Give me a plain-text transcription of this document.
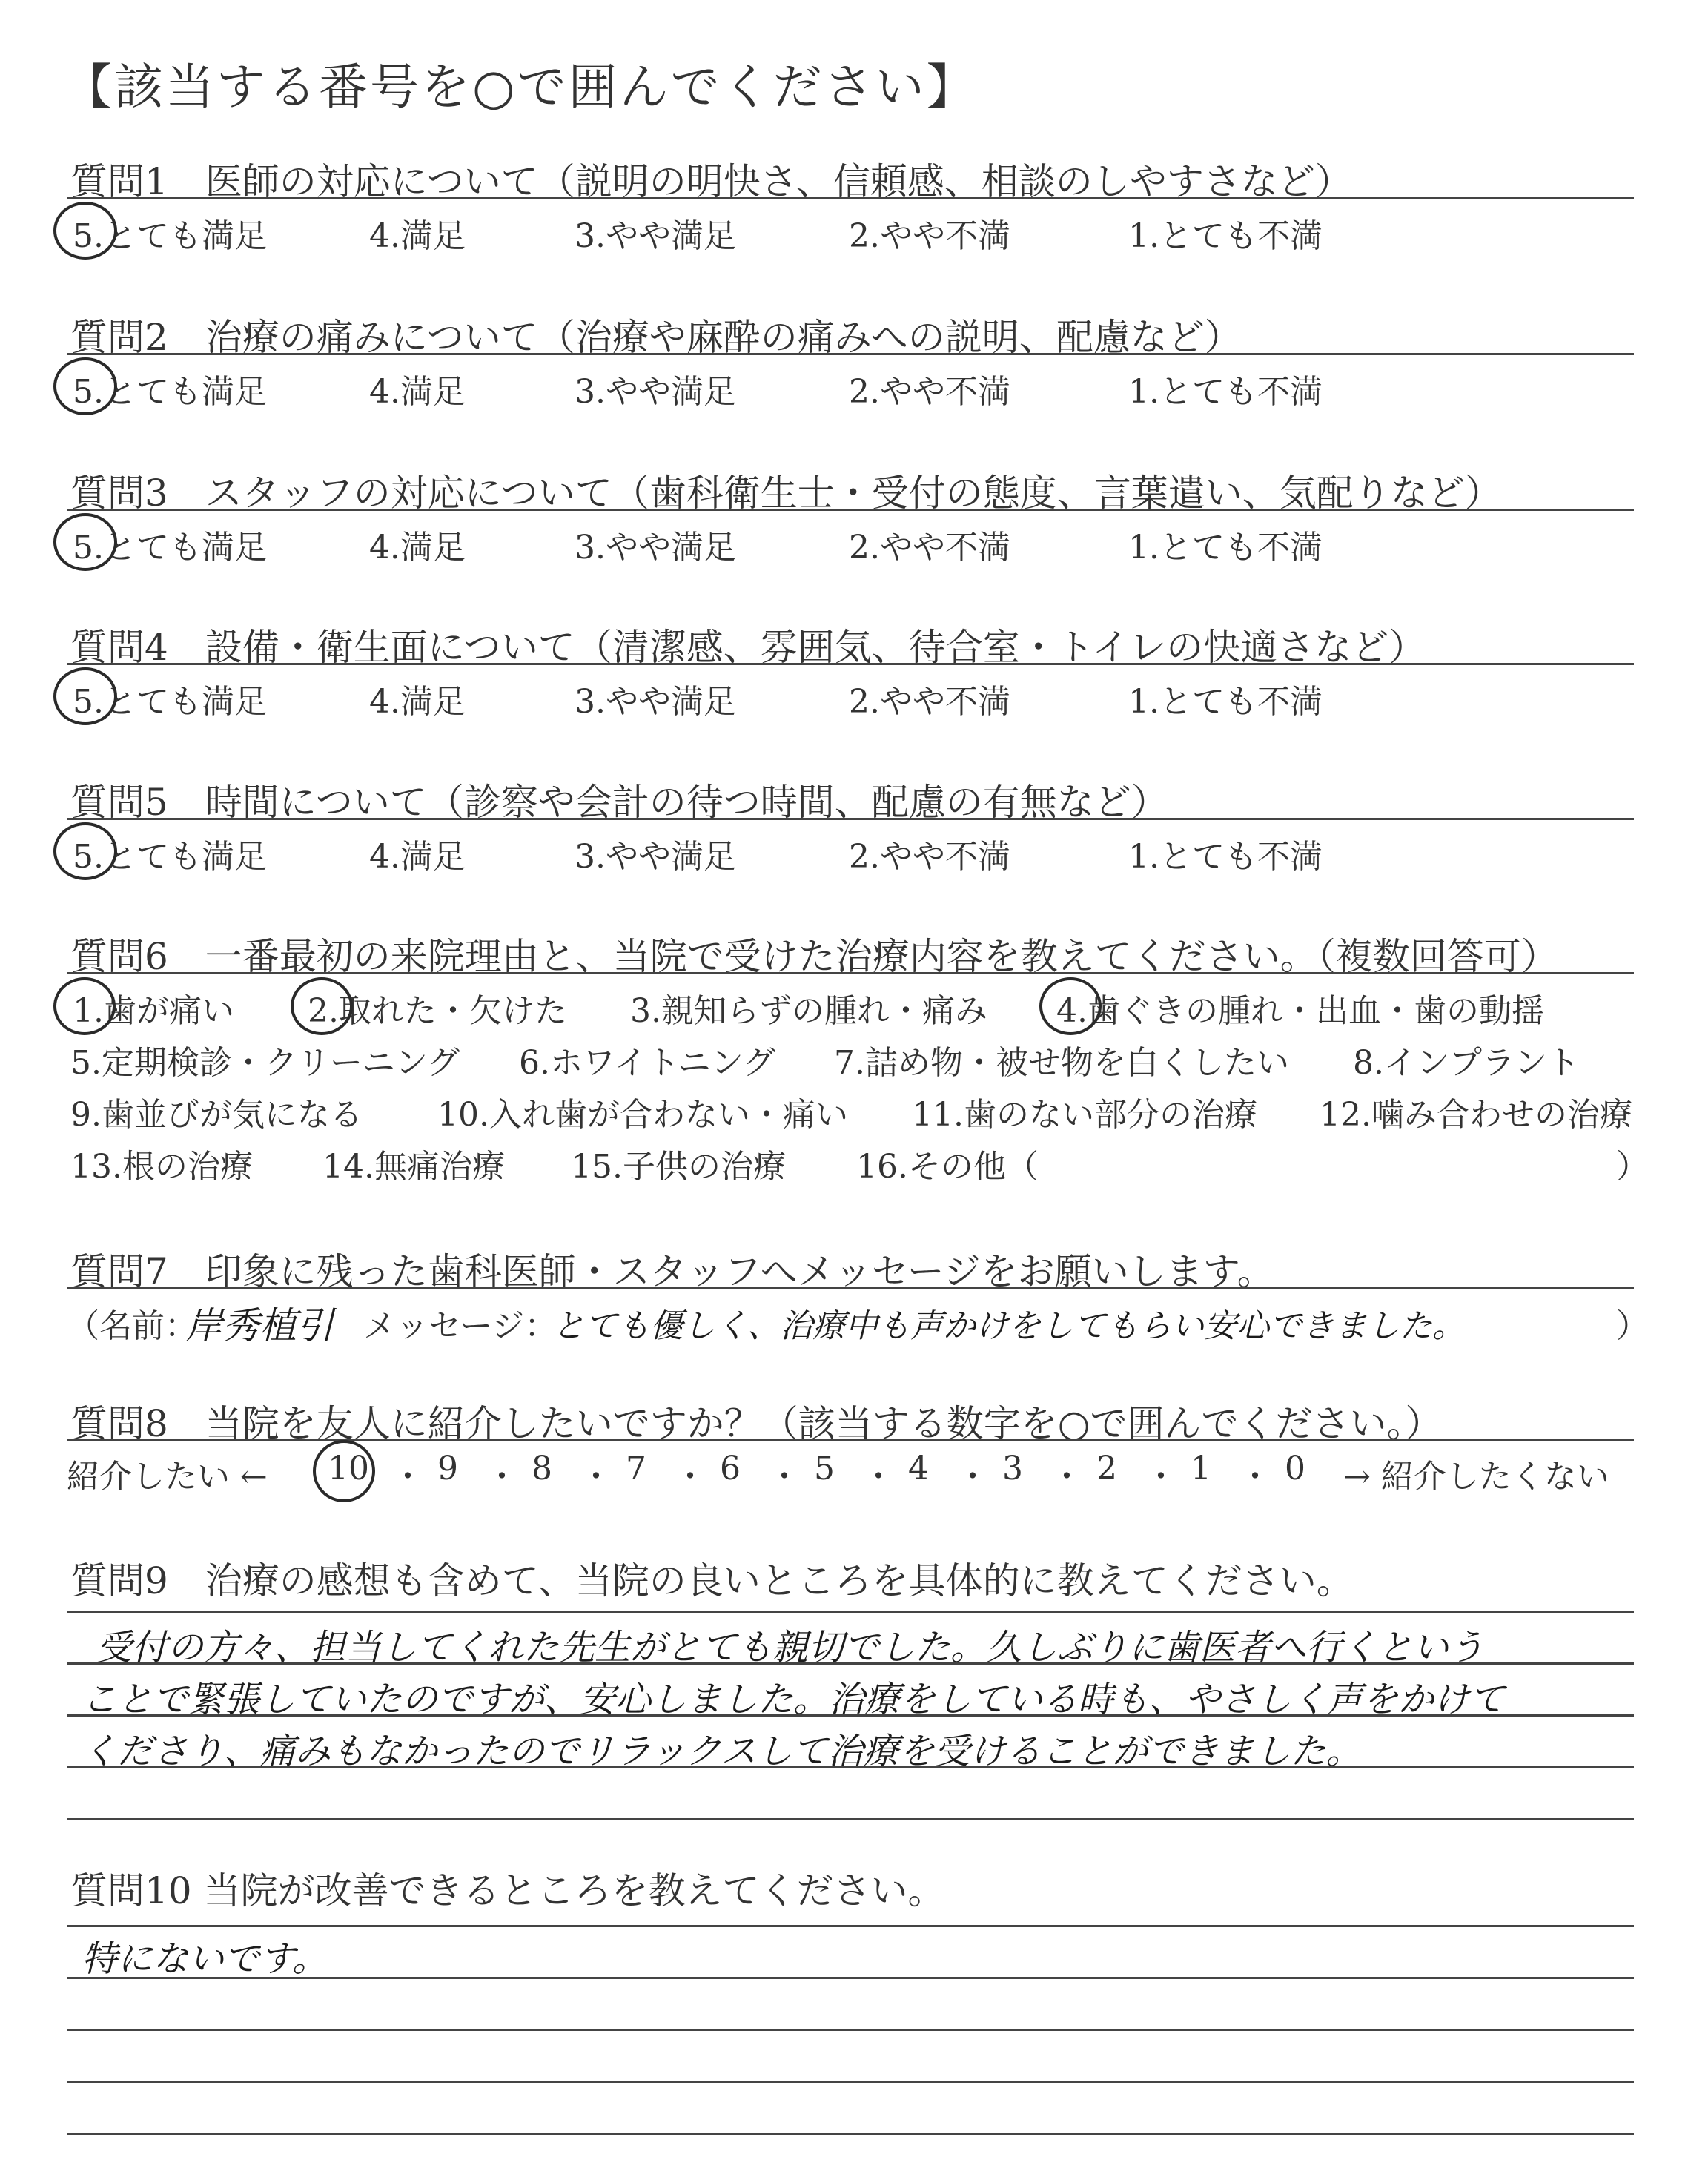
【該当する番号を○で囲んでください】
質問1　医師の対応について（説明の明快さ、信頼感、相談のしやすさなど）
5.とても満足	4.満足	3.やや満足	2.やや不満	1.とても不満
質問2　治療の痛みについて（治療や麻酔の痛みへの説明、配慮など）
5.とても満足	4.満足	3.やや満足	2.やや不満	1.とても不満
質問3　スタッフの対応について（歯科衛生士・受付の態度、言葉遣い、気配りなど）
5.とても満足	4.満足	3.やや満足	2.やや不満	1.とても不満
質問4　設備・衛生面について（清潔感、雰囲気、待合室・トイレの快適さなど）
5.とても満足	4.満足	3.やや満足	2.やや不満	1.とても不満
質問5　時間について（診察や会計の待つ時間、配慮の有無など）
5.とても満足	4.満足	3.やや満足	2.やや不満	1.とても不満
質問6　一番最初の来院理由と、当院で受けた治療内容を教えてください。（複数回答可）
1.歯が痛い 2.取れた・欠けた 3.親知らずの腫れ・痛み 4.歯ぐきの腫れ・出血・歯の動揺
5.定期検診・クリーニング 6.ホワイトニング 7.詰め物・被せ物を白くしたい 8.インプラント
9.歯並びが気になる 10.入れ歯が合わない・痛い 11.歯のない部分の治療 12.噛み合わせの治療
13.根の治療 14.無痛治療 15.子供の治療 16.その他（	）
質問7　印象に残った歯科医師・スタッフへメッセージをお願いします。
（名前：
岸秀植引 メッセージ：
とても優しく、治療中も声かけをしてもらい安心できました。	）
質問8　当院を友人に紹介したいですか？（該当する数字を○で囲んでください。）
紹介したい ← 10 ・ 9 ・ 8 ・ 7 ・ 6 ・ 5 ・ 4 ・ 3 ・ 2 ・ 1 ・ 0 → 紹介したくない
質問9　治療の感想も含めて、当院の良いところを具体的に教えてください。
受付の方々、担当してくれた先生がとても親切でした。久しぶりに歯医者へ行くという
ことで緊張していたのですが、安心しました。治療をしている時も、やさしく声をかけて
くださり、痛みもなかったのでリラックスして治療を受けることができました。
質問10 当院が改善できるところを教えてください。
特にないです。
